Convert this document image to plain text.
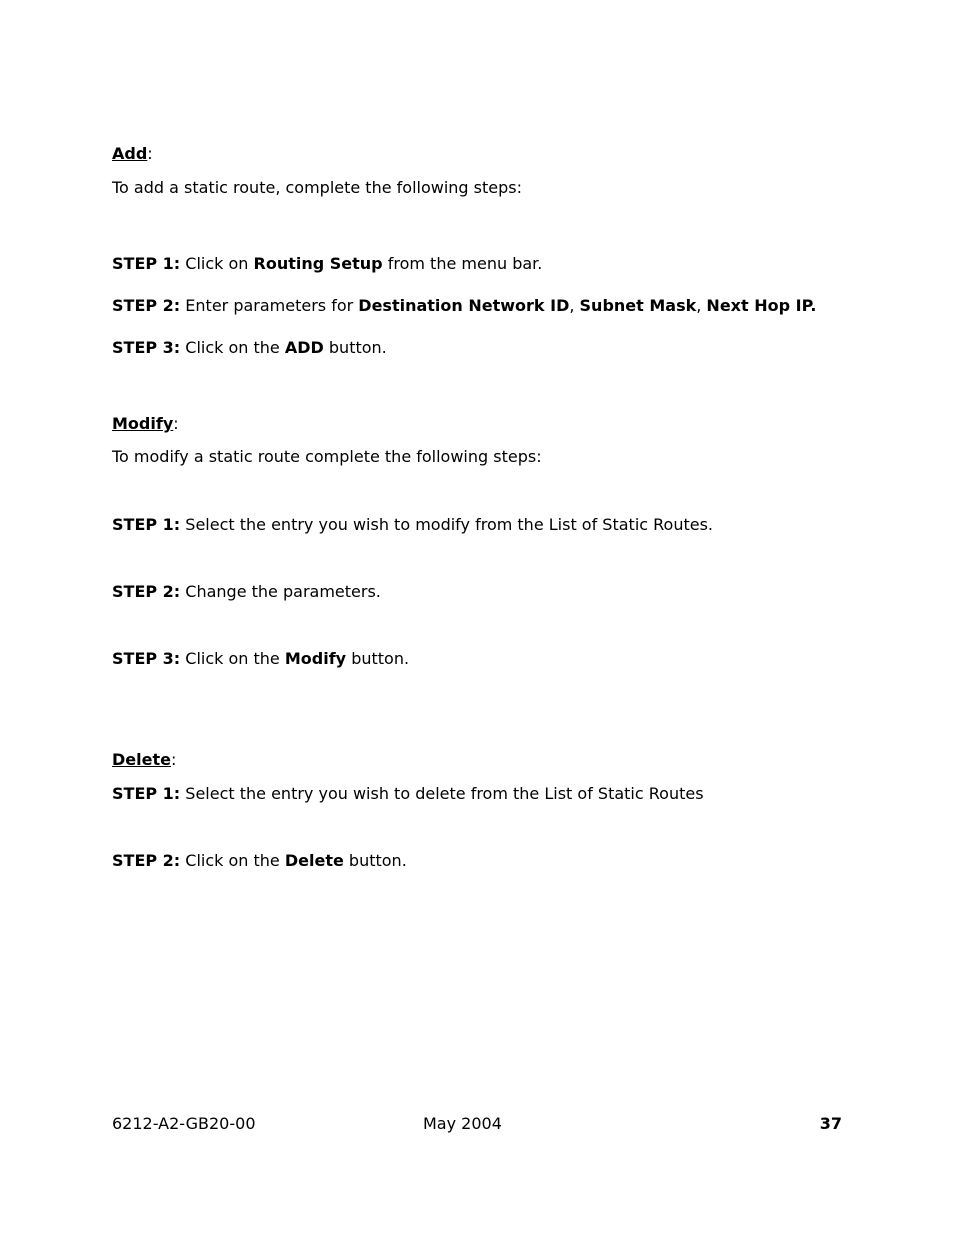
Add:
To add a static route, complete the following steps:
STEP 1: Click on Routing Setup from the menu bar.
STEP 2: Enter parameters for Destination Network ID, Subnet Mask, Next Hop IP.
STEP 3: Click on the ADD button.
Modify:
To modify a static route complete the following steps:
STEP 1: Select the entry you wish to modify from the List of Static Routes.
STEP 2: Change the parameters.
STEP 3: Click on the Modify button.
Delete:
STEP 1: Select the entry you wish to delete from the List of Static Routes
STEP 2: Click on the Delete button.
6212-A2-GB20-00	May 2004	37
